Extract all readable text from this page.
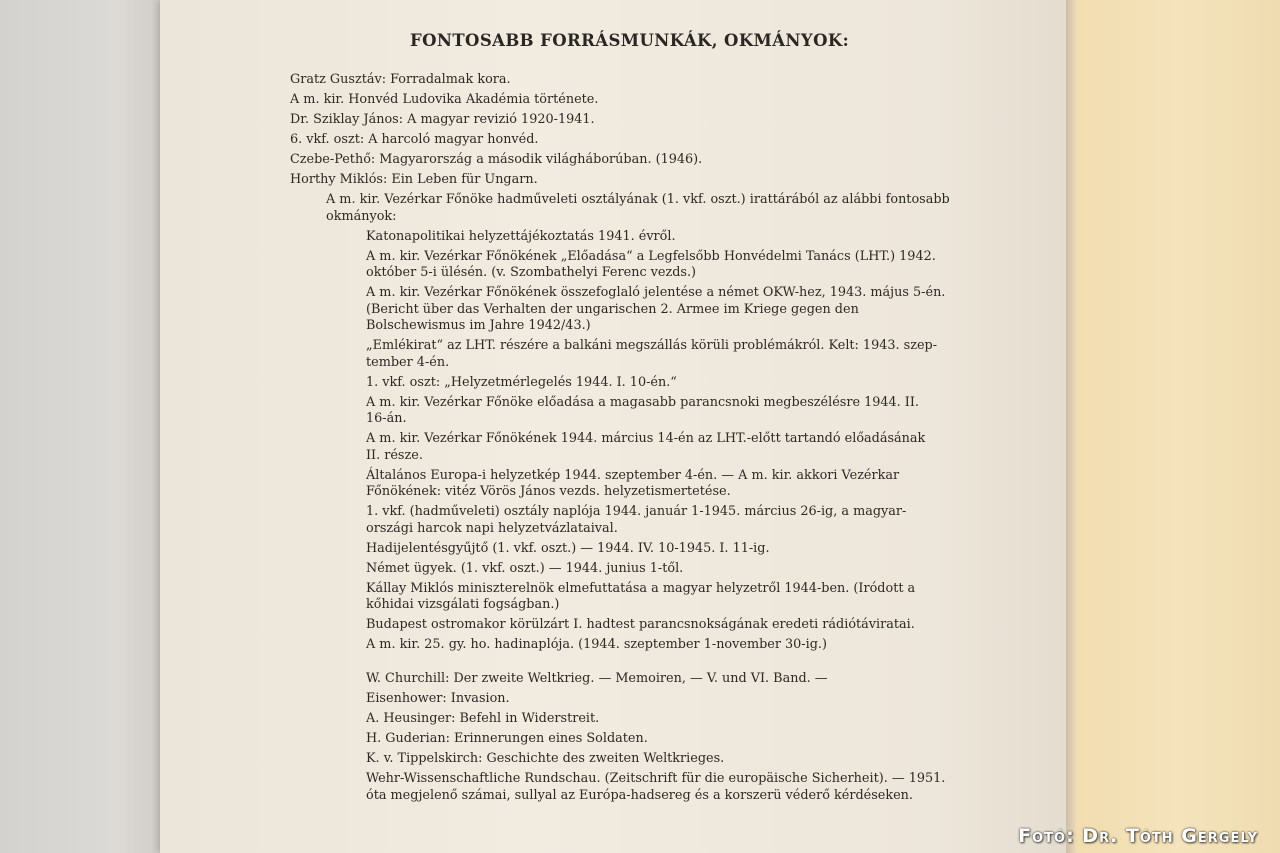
FONTOSABB FORRÁSMUNKÁK, OKMÁNYOK:
Gratz Gusztáv: Forradalmak kora.
A m. kir. Honvéd Ludovika Akadémia története.
Dr. Sziklay János: A magyar revizió 1920-1941.
6. vkf. oszt: A harcoló magyar honvéd.
Czebe-Pethő: Magyarország a második világháborúban. (1946).
Horthy Miklós: Ein Leben für Ungarn.
A m. kir. Vezérkar Főnöke hadműveleti osztályának (1. vkf. oszt.) irattárából az alábbi fontosabb
okmányok:
Katonapolitikai helyzettájékoztatás 1941. évről.
A m. kir. Vezérkar Főnökének „Előadása“ a Legfelsőbb Honvédelmi Tanács (LHT.) 1942.
október 5-i ülésén. (v. Szombathelyi Ferenc vezds.)
A m. kir. Vezérkar Főnökének összefoglaló jelentése a német OKW-hez, 1943. május 5-én.
(Bericht über das Verhalten der ungarischen 2. Armee im Kriege gegen den
Bolschewismus im Jahre 1942/43.)
„Emlékirat“ az LHT. részére a balkáni megszállás körüli problémákról. Kelt: 1943. szep-
tember 4-én.
1. vkf. oszt: „Helyzetmérlegelés 1944. I. 10-én.“
A m. kir. Vezérkar Főnöke előadása a magasabb parancsnoki megbeszélésre 1944. II.
16-án.
A m. kir. Vezérkar Főnökének 1944. március 14-én az LHT.-előtt tartandó előadásának
II. része.
Általános Europa-i helyzetkép 1944. szeptember 4-én. — A m. kir. akkori Vezérkar
Főnökének: vitéz Vörös János vezds. helyzetismertetése.
1. vkf. (hadműveleti) osztály naplója 1944. január 1-1945. március 26-ig, a magyar-
országi harcok napi helyzetvázlataival.
Hadijelentésgyűjtő (1. vkf. oszt.) — 1944. IV. 10-1945. I. 11-ig.
Német ügyek. (1. vkf. oszt.) — 1944. junius 1-től.
Kállay Miklós miniszterelnök elmefuttatása a magyar helyzetről 1944-ben. (Iródott a
kőhidai vizsgálati fogságban.)
Budapest ostromakor körülzárt I. hadtest parancsnokságának eredeti rádiótáviratai.
A m. kir. 25. gy. ho. hadinaplója. (1944. szeptember 1-november 30-ig.)
W. Churchill: Der zweite Weltkrieg. — Memoiren, — V. und VI. Band. —
Eisenhower: Invasion.
A. Heusinger: Befehl in Widerstreit.
H. Guderian: Erinnerungen eines Soldaten.
K. v. Tippelskirch: Geschichte des zweiten Weltkrieges.
Wehr-Wissenschaftliche Rundschau. (Zeitschrift für die europäische Sicherheit). — 1951.
óta megjelenő számai, sullyal az Európa-hadsereg és a korszerü véderő kérdéseken.
Fotó: Dr. Tóth Gergely
